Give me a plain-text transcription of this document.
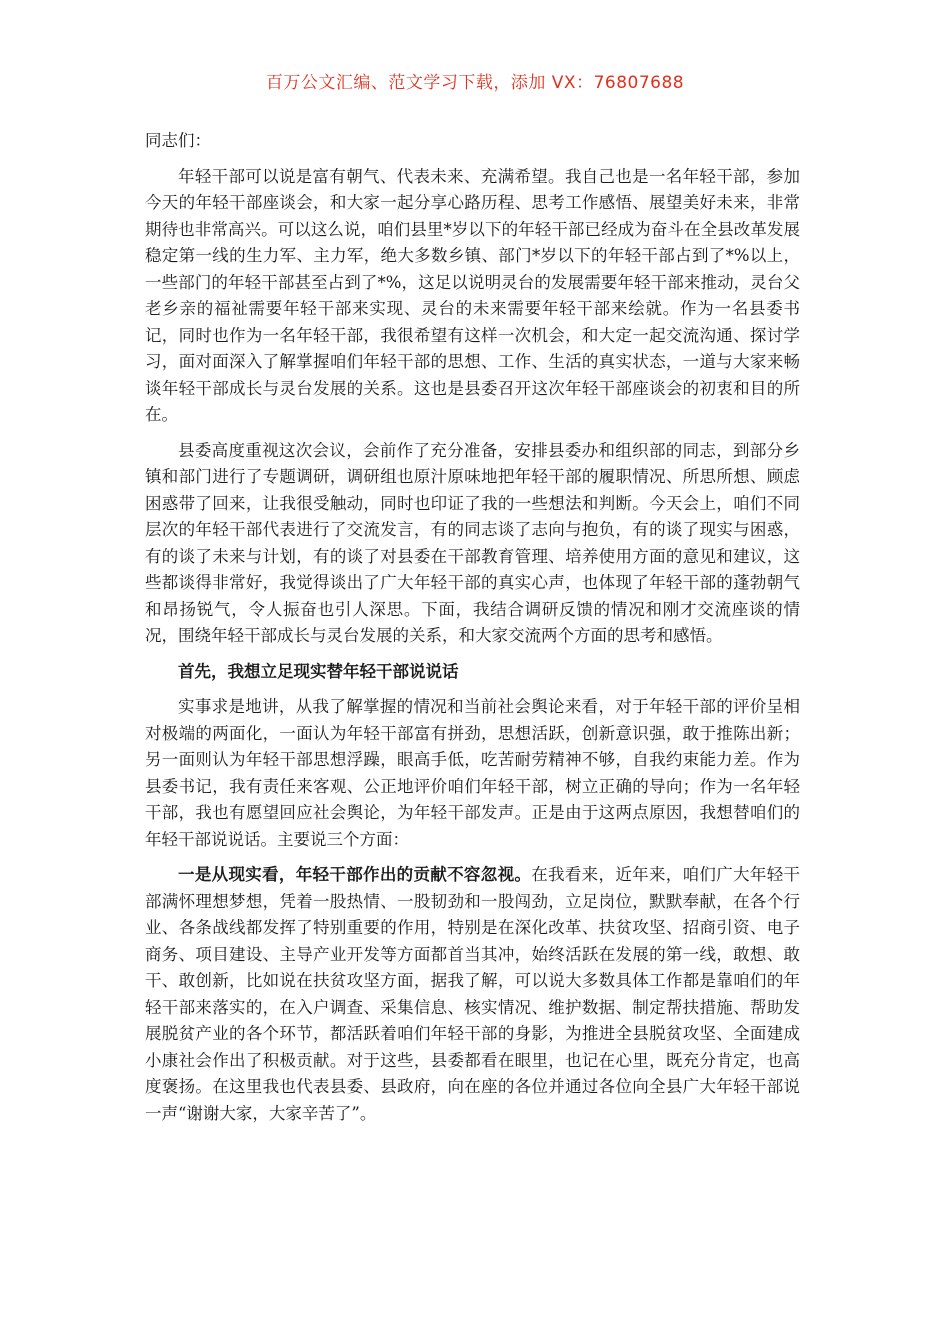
百万公文汇编、范文学习下载，添加 VX：76807688

同志们：

年轻干部可以说是富有朝气、代表未来、充满希望。我自己也是一名年轻干部，参加今天的年轻干部座谈会，和大家一起分享心路历程、思考工作感悟、展望美好未来，非常期待也非常高兴。可以这么说，咱们县里*岁以下的年轻干部已经成为奋斗在全县改革发展稳定第一线的生力军、主力军，绝大多数乡镇、部门*岁以下的年轻干部占到了*%以上，一些部门的年轻干部甚至占到了*%，这足以说明灵台的发展需要年轻干部来推动，灵台父老乡亲的福祉需要年轻干部来实现、灵台的未来需要年轻干部来绘就。作为一名县委书记，同时也作为一名年轻干部，我很希望有这样一次机会，和大定一起交流沟通、探讨学习，面对面深入了解掌握咱们年轻干部的思想、工作、生活的真实状态，一道与大家来畅谈年轻干部成长与灵台发展的关系。这也是县委召开这次年轻干部座谈会的初衷和目的所在。

县委高度重视这次会议，会前作了充分准备，安排县委办和组织部的同志，到部分乡镇和部门进行了专题调研，调研组也原汁原味地把年轻干部的履职情况、所思所想、顾虑困惑带了回来，让我很受触动，同时也印证了我的一些想法和判断。今天会上，咱们不同层次的年轻干部代表进行了交流发言，有的同志谈了志向与抱负，有的谈了现实与困惑，有的谈了未来与计划，有的谈了对县委在干部教育管理、培养使用方面的意见和建议，这些都谈得非常好，我觉得谈出了广大年轻干部的真实心声，也体现了年轻干部的蓬勃朝气和昂扬锐气，令人振奋也引人深思。下面，我结合调研反馈的情况和刚才交流座谈的情况，围绕年轻干部成长与灵台发展的关系，和大家交流两个方面的思考和感悟。

首先，我想立足现实替年轻干部说说话

实事求是地讲，从我了解掌握的情况和当前社会舆论来看，对于年轻干部的评价呈相对极端的两面化，一面认为年轻干部富有拼劲，思想活跃，创新意识强，敢于推陈出新；另一面则认为年轻干部思想浮躁，眼高手低，吃苦耐劳精神不够，自我约束能力差。作为县委书记，我有责任来客观、公正地评价咱们年轻干部，树立正确的导向；作为一名年轻干部，我也有愿望回应社会舆论，为年轻干部发声。正是由于这两点原因，我想替咱们的年轻干部说说话。主要说三个方面：

一是从现实看，年轻干部作出的贡献不容忽视。在我看来，近年来，咱们广大年轻干部满怀理想梦想，凭着一股热情、一股韧劲和一股闯劲，立足岗位，默默奉献，在各个行业、各条战线都发挥了特别重要的作用，特别是在深化改革、扶贫攻坚、招商引资、电子商务、项目建设、主导产业开发等方面都首当其冲，始终活跃在发展的第一线，敢想、敢干、敢创新，比如说在扶贫攻坚方面，据我了解，可以说大多数具体工作都是靠咱们的年轻干部来落实的，在入户调查、采集信息、核实情况、维护数据、制定帮扶措施、帮助发展脱贫产业的各个环节，都活跃着咱们年轻干部的身影，为推进全县脱贫攻坚、全面建成小康社会作出了积极贡献。对于这些，县委都看在眼里，也记在心里，既充分肯定，也高度褒扬。在这里我也代表县委、县政府，向在座的各位并通过各位向全县广大年轻干部说一声“谢谢大家，大家辛苦了”。
